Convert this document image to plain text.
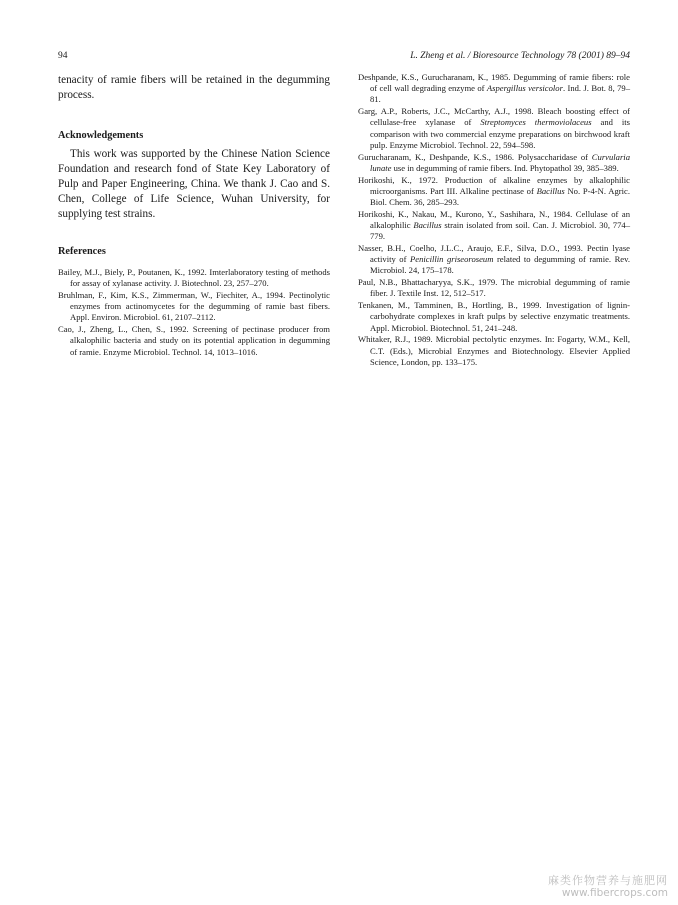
94	L. Zheng et al. / Bioresource Technology 78 (2001) 89–94

tenacity of ramie fibers will be retained in the degumming process.

Acknowledgements

This work was supported by the Chinese Nation Science Foundation and research fond of State Key Laboratory of Pulp and Paper Engineering, China. We thank J. Cao and S. Chen, College of Life Science, Wuhan University, for supplying test strains.

References
Bailey, M.J., Biely, P., Poutanen, K., 1992. Imterlaboratory testing of methods for assay of xylanase activity. J. Biotechnol. 23, 257–270.
Bruhlman, F., Kim, K.S., Zimmerman, W., Fiechiter, A., 1994. Pectinolytic enzymes from actinomycetes for the degumming of ramie bast fibers. Appl. Environ. Microbiol. 61, 2107–2112.
Cao, J., Zheng, L., Chen, S., 1992. Screening of pectinase producer from alkalophilic bacteria and study on its potential application in degumming of ramie. Enzyme Microbiol. Technol. 14, 1013–1016.
Deshpande, K.S., Gurucharanam, K., 1985. Degumming of ramie fibers: role of cell wall degrading enzyme of Aspergillus versicolor. Ind. J. Bot. 8, 79–81.
Garg, A.P., Roberts, J.C., McCarthy, A.J., 1998. Bleach boosting effect of cellulase-free xylanase of Streptomyces thermoviolaceus and its comparison with two commercial enzyme preparations on birchwood kraft pulp. Enzyme Microbiol. Technol. 22, 594–598.
Gurucharanam, K., Deshpande, K.S., 1986. Polysaccharidase of Curvularia lunate use in degumming of ramie fibers. Ind. Phytopathol 39, 385–389.
Horikoshi, K., 1972. Production of alkaline enzymes by alkalophilic microorganisms. Part III. Alkaline pectinase of Bacillus No. P-4-N. Agric. Biol. Chem. 36, 285–293.
Horikoshi, K., Nakau, M., Kurono, Y., Sashihara, N., 1984. Cellulase of an alkalophilic Bacillus strain isolated from soil. Can. J. Microbiol. 30, 774–779.
Nasser, B.H., Coelho, J.L.C., Araujo, E.F., Silva, D.O., 1993. Pectin lyase activity of Penicillin griseoroseum related to degumming of ramie. Rev. Microbiol. 24, 175–178.
Paul, N.B., Bhattacharyya, S.K., 1979. The microbial degumming of ramie fiber. J. Textile Inst. 12, 512–517.
Tenkanen, M., Tamminen, B., Hortling, B., 1999. Investigation of lignin-carbohydrate complexes in kraft pulps by selective enzymatic treatments. Appl. Microbiol. Biotechnol. 51, 241–248.
Whitaker, R.J., 1989. Microbial pectolytic enzymes. In: Fogarty, W.M., Kell, C.T. (Eds.), Microbial Enzymes and Biotechnology. Elsevier Applied Science, London, pp. 133–175.
麻类作物营养与施肥网
www.fibercrops.com
